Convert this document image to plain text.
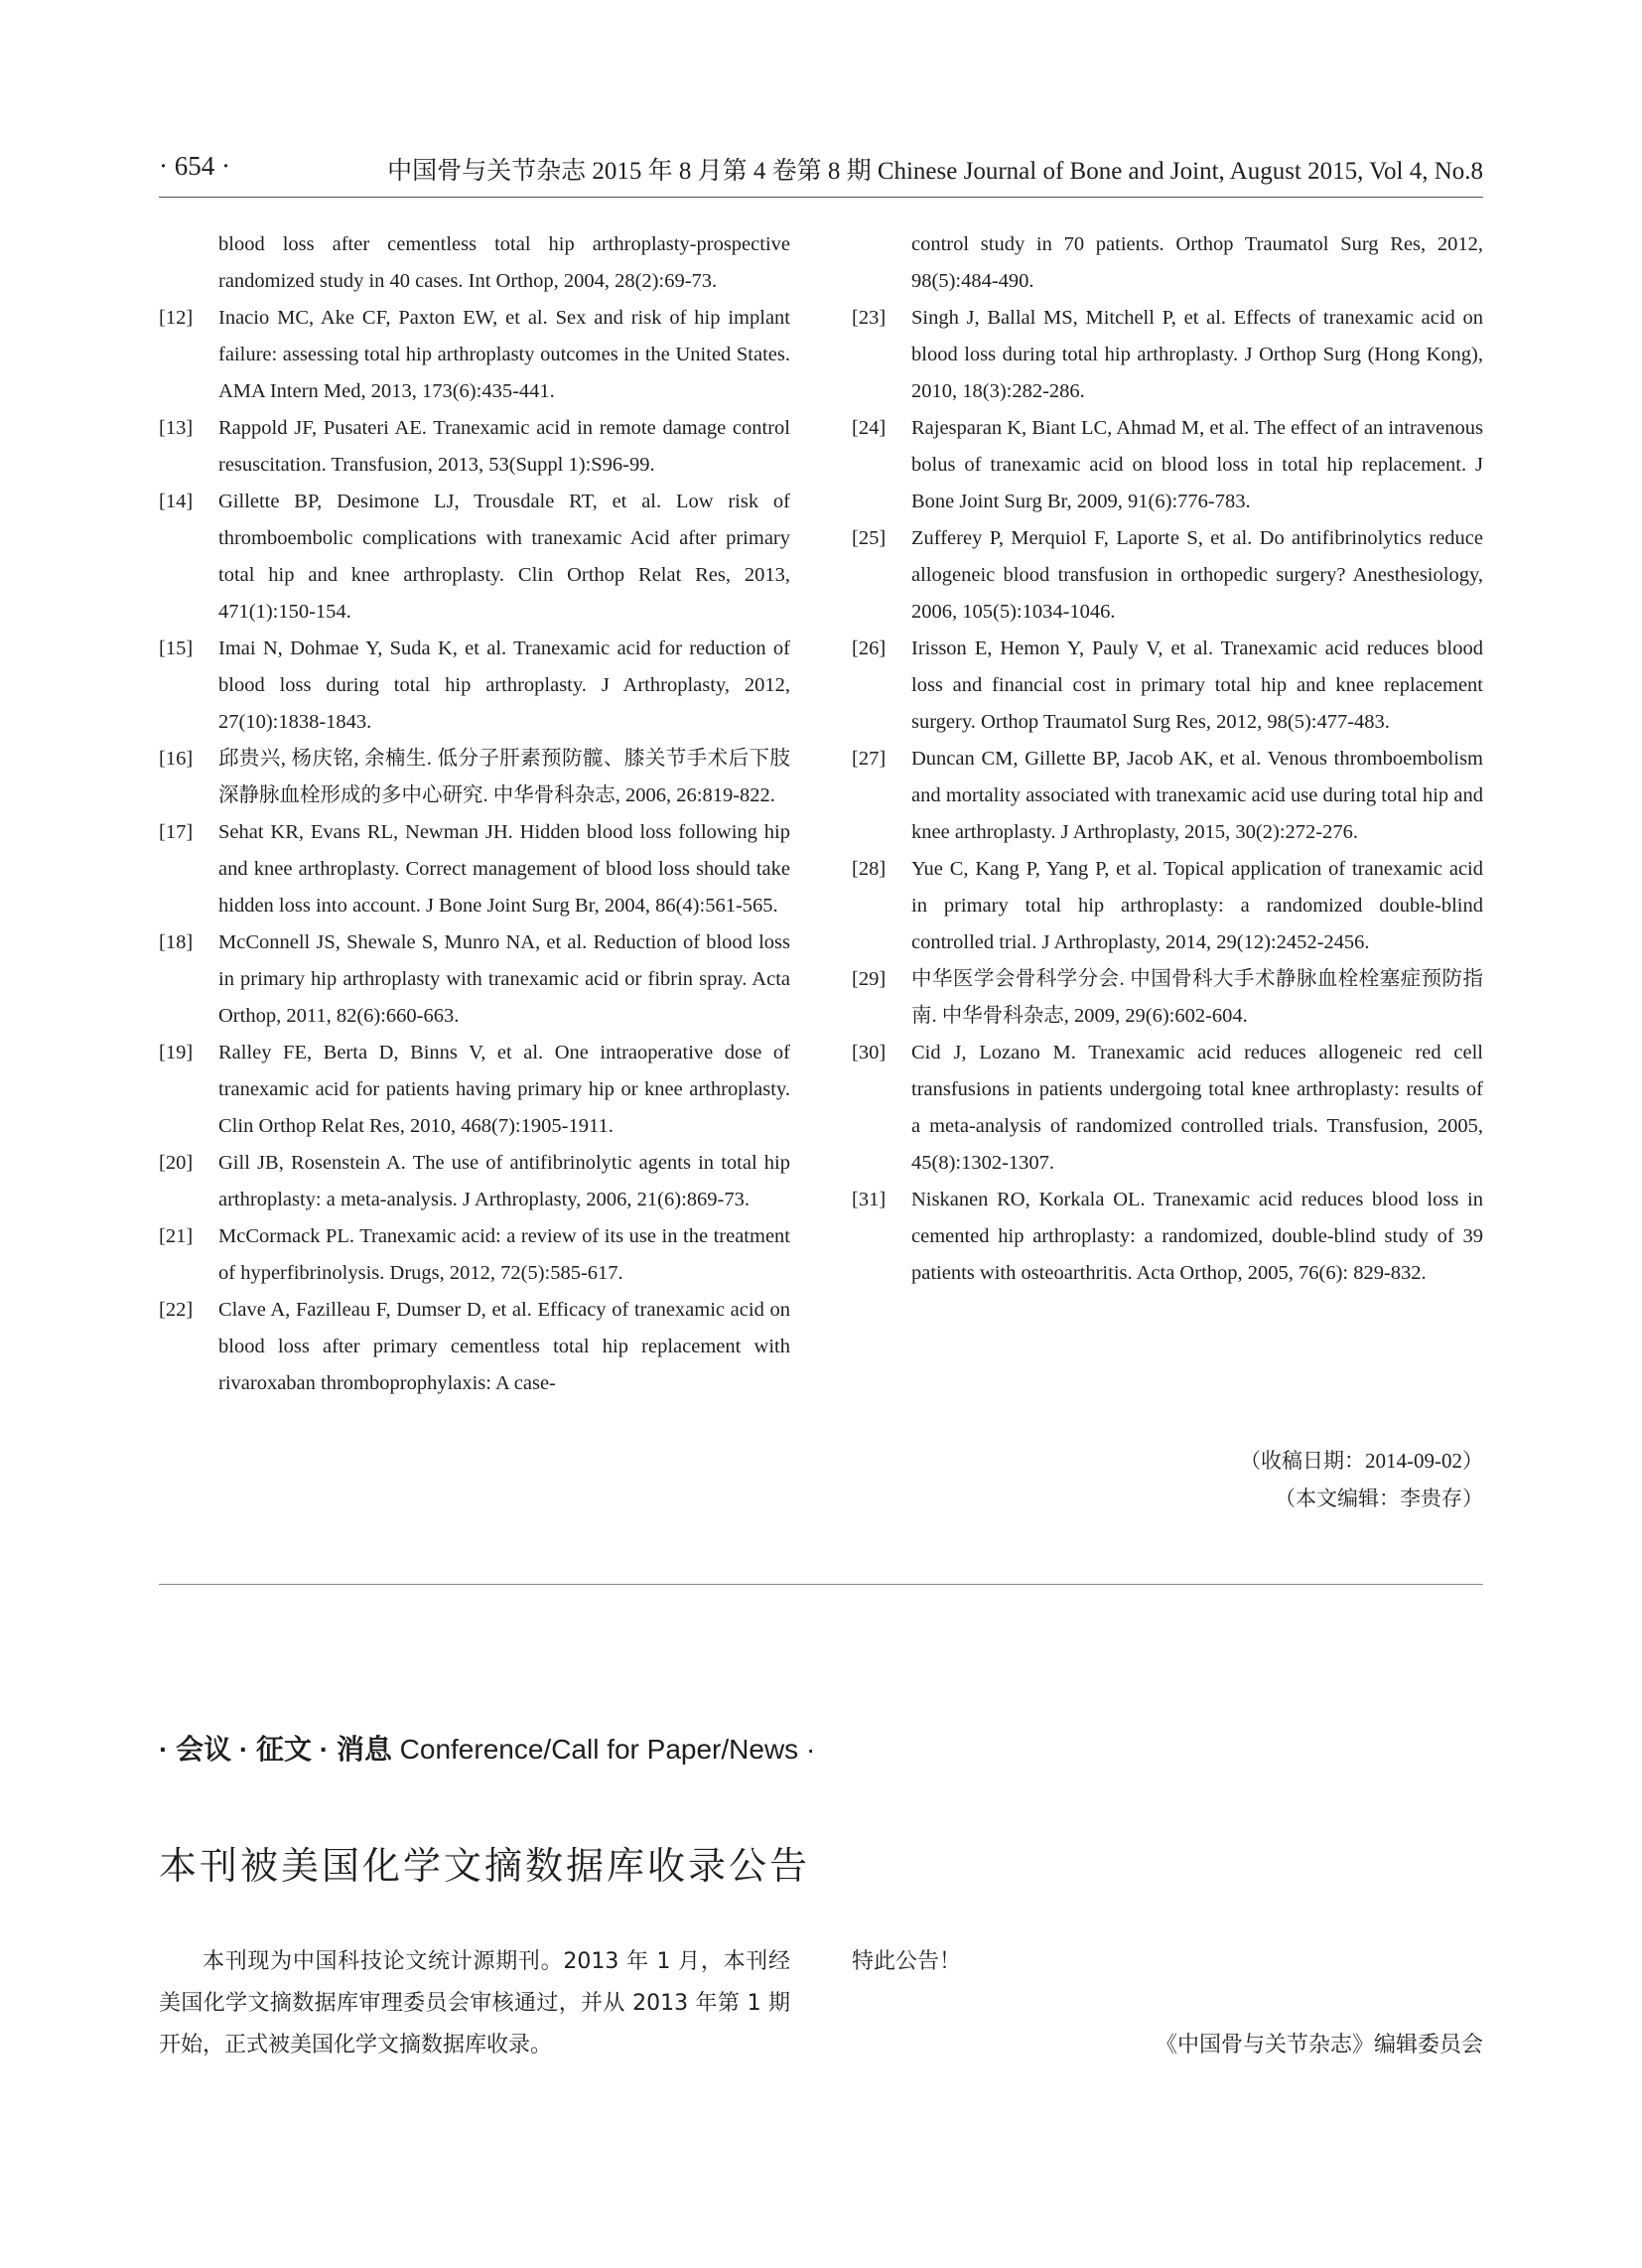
· 654 ·	中国骨与关节杂志 2015 年 8 月第 4 卷第 8 期 Chinese Journal of Bone and Joint, August 2015, Vol 4, No.8
blood loss after cementless total hip arthroplasty-prospective randomized study in 40 cases. Int Orthop, 2004, 28(2):69-73.
[12] Inacio MC, Ake CF, Paxton EW, et al. Sex and risk of hip implant failure: assessing total hip arthroplasty outcomes in the United States. AMA Intern Med, 2013, 173(6):435-441.
[13] Rappold JF, Pusateri AE. Tranexamic acid in remote damage control resuscitation. Transfusion, 2013, 53(Suppl 1):S96-99.
[14] Gillette BP, Desimone LJ, Trousdale RT, et al. Low risk of thromboembolic complications with tranexamic Acid after primary total hip and knee arthroplasty. Clin Orthop Relat Res, 2013, 471(1):150-154.
[15] Imai N, Dohmae Y, Suda K, et al. Tranexamic acid for reduction of blood loss during total hip arthroplasty. J Arthroplasty, 2012, 27(10):1838-1843.
[16] 邱贵兴, 杨庆铭, 余楠生. 低分子肝素预防髋、膝关节手术后下肢深静脉血栓形成的多中心研究. 中华骨科杂志, 2006, 26:819-822.
[17] Sehat KR, Evans RL, Newman JH. Hidden blood loss following hip and knee arthroplasty. Correct management of blood loss should take hidden loss into account. J Bone Joint Surg Br, 2004, 86(4):561-565.
[18] McConnell JS, Shewale S, Munro NA, et al. Reduction of blood loss in primary hip arthroplasty with tranexamic acid or fibrin spray. Acta Orthop, 2011, 82(6):660-663.
[19] Ralley FE, Berta D, Binns V, et al. One intraoperative dose of tranexamic acid for patients having primary hip or knee arthroplasty. Clin Orthop Relat Res, 2010, 468(7):1905-1911.
[20] Gill JB, Rosenstein A. The use of antifibrinolytic agents in total hip arthroplasty: a meta-analysis. J Arthroplasty, 2006, 21(6):869-73.
[21] McCormack PL. Tranexamic acid: a review of its use in the treatment of hyperfibrinolysis. Drugs, 2012, 72(5):585-617.
[22] Clave A, Fazilleau F, Dumser D, et al. Efficacy of tranexamic acid on blood loss after primary cementless total hip replacement with rivaroxaban thromboprophylaxis: A case-
control study in 70 patients. Orthop Traumatol Surg Res, 2012, 98(5):484-490.
[23] Singh J, Ballal MS, Mitchell P, et al. Effects of tranexamic acid on blood loss during total hip arthroplasty. J Orthop Surg (Hong Kong), 2010, 18(3):282-286.
[24] Rajesparan K, Biant LC, Ahmad M, et al. The effect of an intravenous bolus of tranexamic acid on blood loss in total hip replacement. J Bone Joint Surg Br, 2009, 91(6):776-783.
[25] Zufferey P, Merquiol F, Laporte S, et al. Do antifibrinolytics reduce allogeneic blood transfusion in orthopedic surgery? Anesthesiology, 2006, 105(5):1034-1046.
[26] Irisson E, Hemon Y, Pauly V, et al. Tranexamic acid reduces blood loss and financial cost in primary total hip and knee replacement surgery. Orthop Traumatol Surg Res, 2012, 98(5):477-483.
[27] Duncan CM, Gillette BP, Jacob AK, et al. Venous thromboembolism and mortality associated with tranexamic acid use during total hip and knee arthroplasty. J Arthroplasty, 2015, 30(2):272-276.
[28] Yue C, Kang P, Yang P, et al. Topical application of tranexamic acid in primary total hip arthroplasty: a randomized double-blind controlled trial. J Arthroplasty, 2014, 29(12):2452-2456.
[29] 中华医学会骨科学分会. 中国骨科大手术静脉血栓栓塞症预防指南. 中华骨科杂志, 2009, 29(6):602-604.
[30] Cid J, Lozano M. Tranexamic acid reduces allogeneic red cell transfusions in patients undergoing total knee arthroplasty: results of a meta-analysis of randomized controlled trials. Transfusion, 2005, 45(8):1302-1307.
[31] Niskanen RO, Korkala OL. Tranexamic acid reduces blood loss in cemented hip arthroplasty: a randomized, double-blind study of 39 patients with osteoarthritis. Acta Orthop, 2005, 76(6): 829-832.
（收稿日期：2014-09-02）
（本文编辑：李贵存）
· 会议 · 征文 · 消息 Conference/Call for Paper/News ·
本刊被美国化学文摘数据库收录公告

本刊现为中国科技论文统计源期刊。2013 年 1 月，本刊经美国化学文摘数据库审理委员会审核通过，并从 2013 年第 1 期开始，正式被美国化学文摘数据库收录。

特此公告！

《中国骨与关节杂志》编辑委员会
